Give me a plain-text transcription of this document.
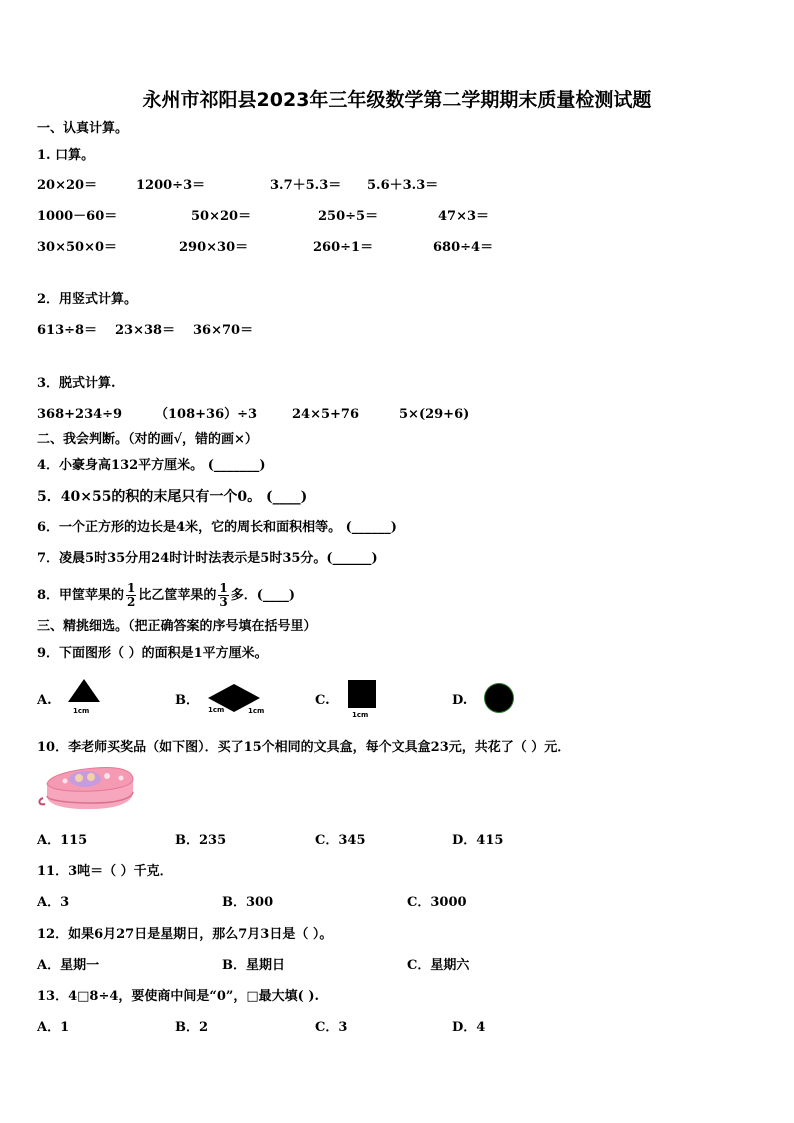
永州市祁阳县2023年三年级数学第二学期期末质量检测试题
一、认真计算。
1. 口算。
20×20＝	1200÷3＝	3.7＋5.3＝ 5.6＋3.3＝
1000－60＝	50×20＝	250÷5＝	47×3＝
30×50×0＝	290×30＝	260÷1＝	680÷4＝
2．用竖式计算。
613÷8＝ 23×38＝ 36×70＝
3．脱式计算.
368+234÷9	（108+36）÷3	24×5+76	5×(29+6)
二、我会判断。（对的画√，错的画×）
4．小豪身高132平方厘米。 (_______)
5．40×55的积的末尾只有一个0。 (____)
6．一个正方形的边长是4米，它的周长和面积相等。 (______)
7．凌晨5时35分用24时计时法表示是5时35分。(______)
8．甲筐苹果的 $\frac{1}{2}$ 比乙筐苹果的 $\frac{1}{3}$ 多．(____)
三、精挑细选。（把正确答案的序号填在括号里）
9．下面图形（ ）的面积是1平方厘米。
A.
1cm
B．
1cm	1cm
C.
1cm
D.
10．李老师买奖品（如下图）．买了15个相同的文具盒，每个文具盒23元，共花了（ ）元．
A．115	B．235	C．345	D．415
11．3吨＝（ ）千克．
A．3	B．300	C．3000
12．如果6月27日是星期日，那么7月3日是（ ）。
A．星期一	B．星期日	C．星期六
13．4□8÷4，要使商中间是“0”，□最大填( ).
A．1	B．2	C．3	D．4
